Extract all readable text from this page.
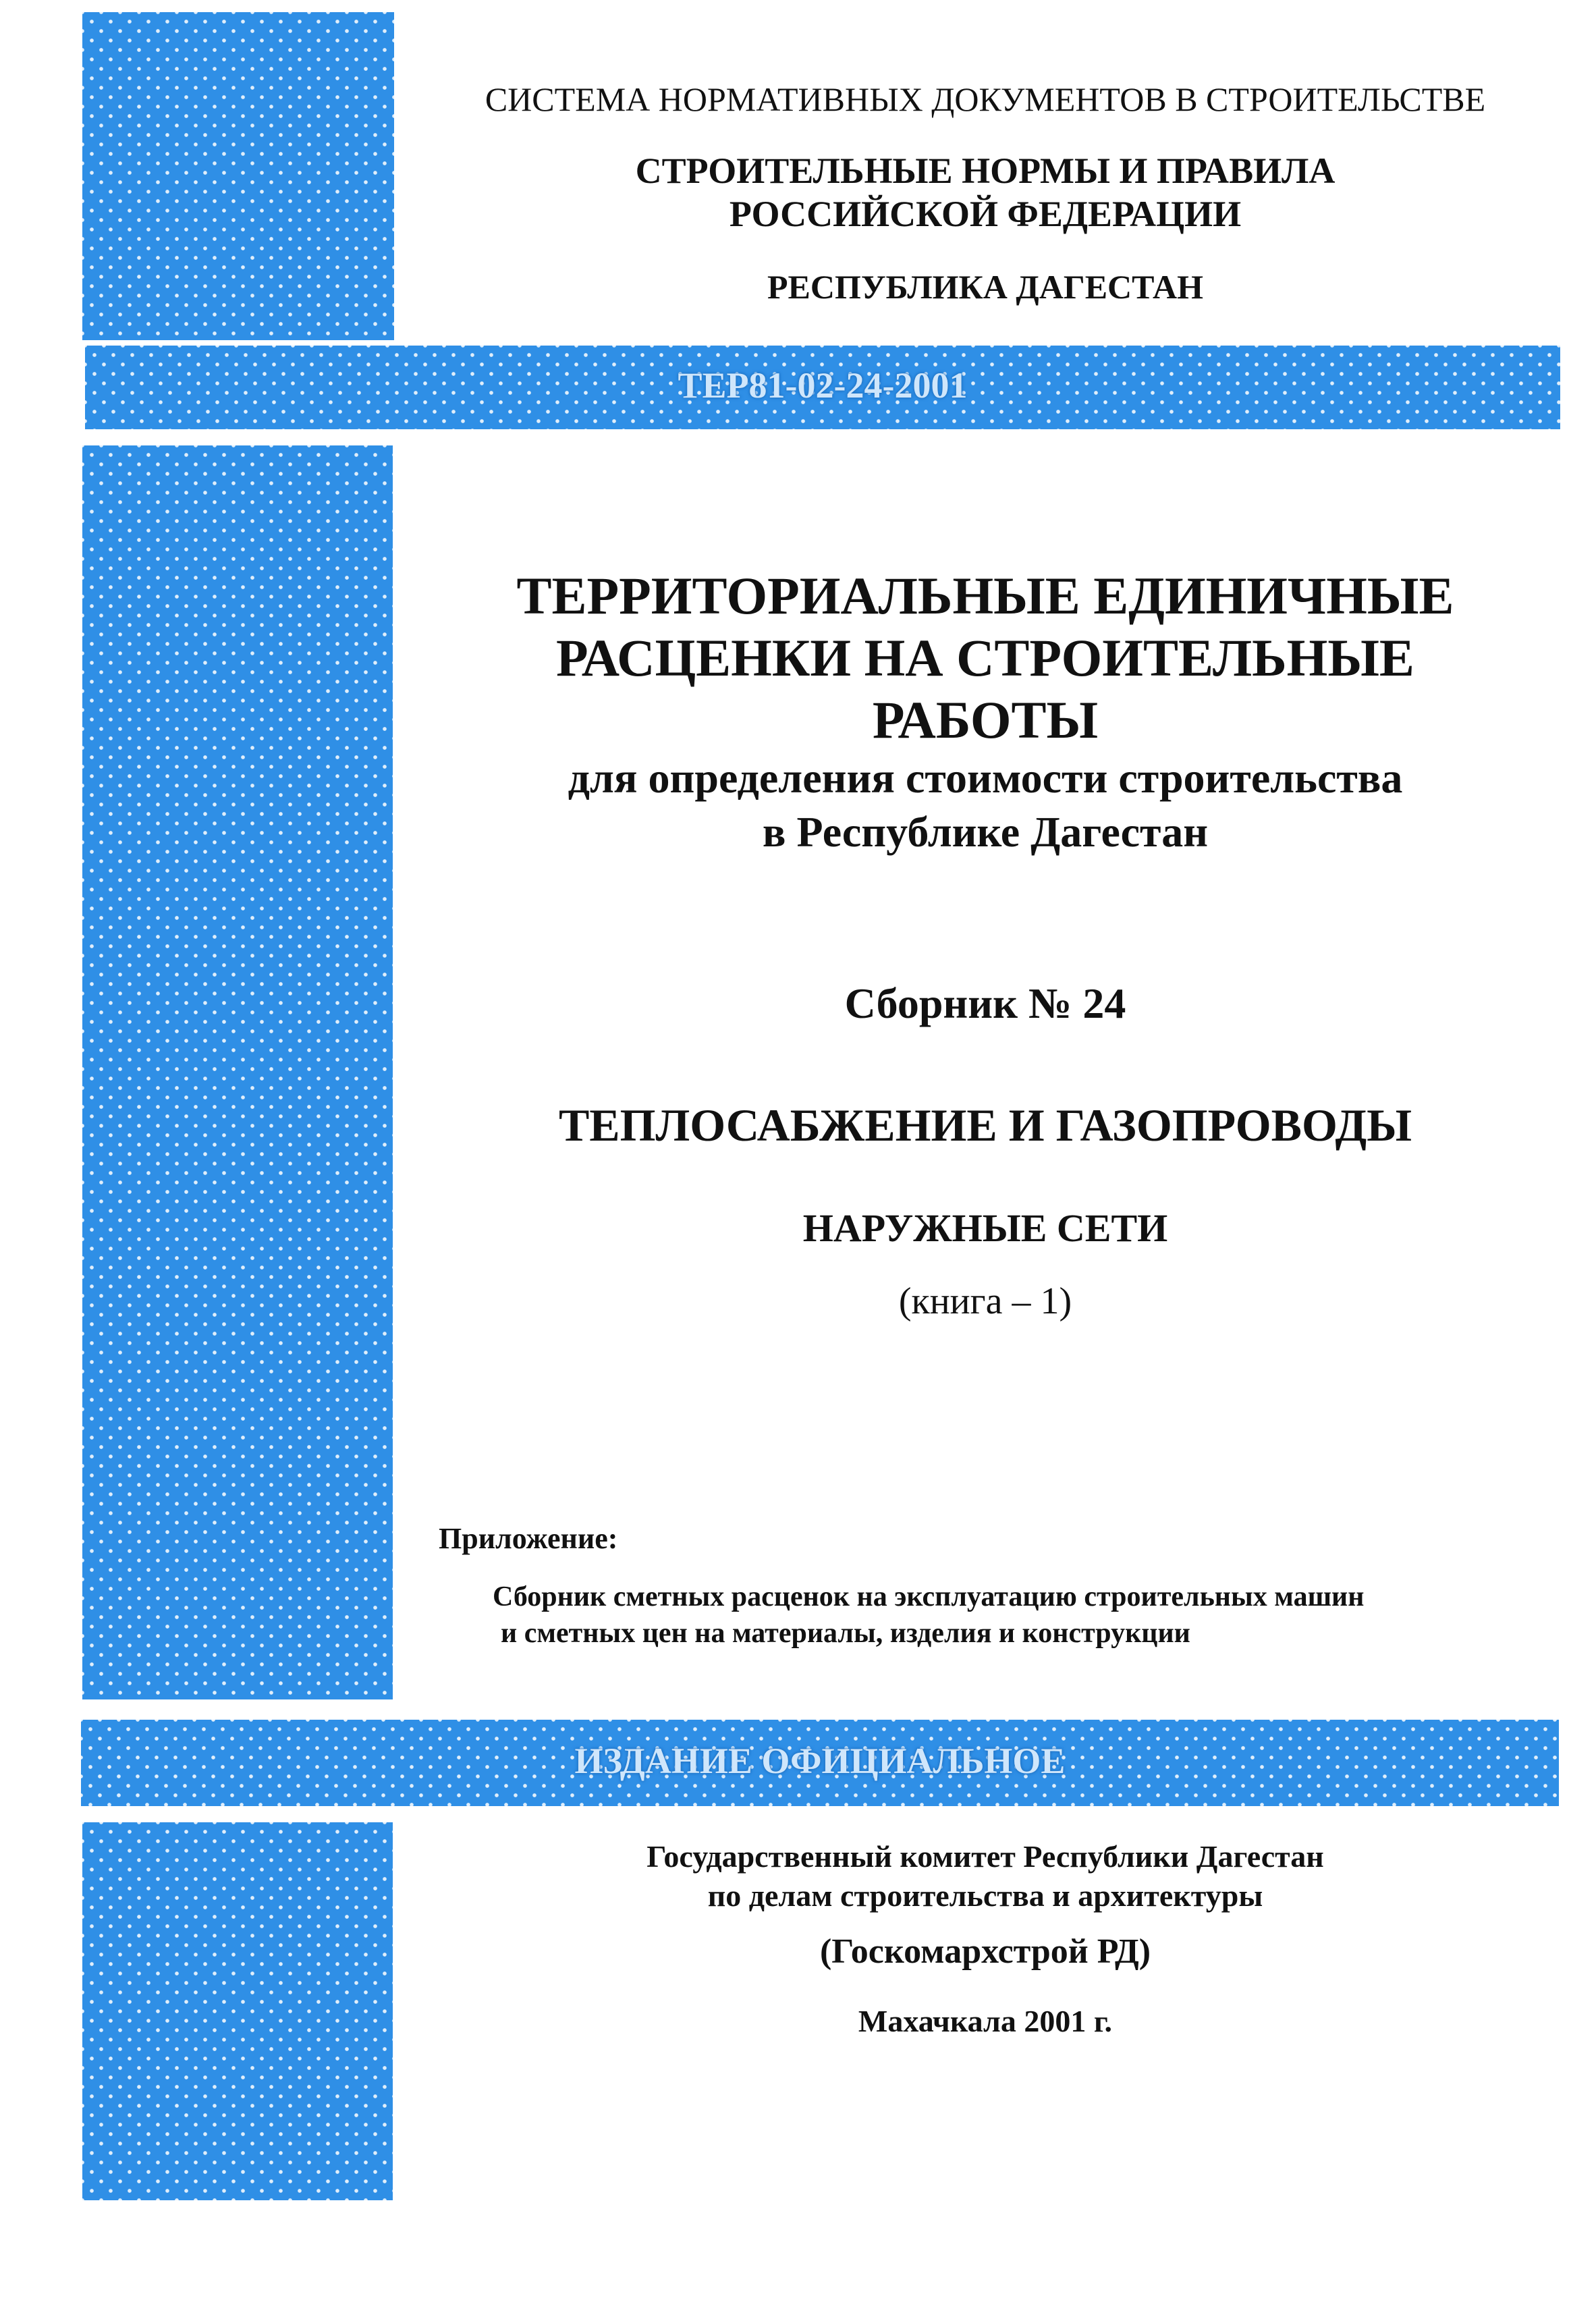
ТЕР81-02-24-2001
ИЗДАНИЕ ОФИЦИАЛЬНОЕ

СИСТЕМА НОРМАТИВНЫХ ДОКУМЕНТОВ В СТРОИТЕЛЬСТВЕ

СТРОИТЕЛЬНЫЕ НОРМЫ И ПРАВИЛА

РОССИЙСКОЙ ФЕДЕРАЦИИ

РЕСПУБЛИКА ДАГЕСТАН

ТЕРРИТОРИАЛЬНЫЕ ЕДИНИЧНЫЕ

РАСЦЕНКИ НА СТРОИТЕЛЬНЫЕ

РАБОТЫ

для определения стоимости строительства

в Республике Дагестан

Сборник № 24

ТЕПЛОСАБЖЕНИЕ И ГАЗОПРОВОДЫ

НАРУЖНЫЕ СЕТИ

(книга – 1)

Приложение:

Сборник сметных расценок на эксплуатацию строительных машин

и сметных цен на материалы, изделия и конструкции

Государственный комитет Республики Дагестан

по делам строительства и архитектуры

(Госкомархстрой РД)

Махачкала 2001 г.
